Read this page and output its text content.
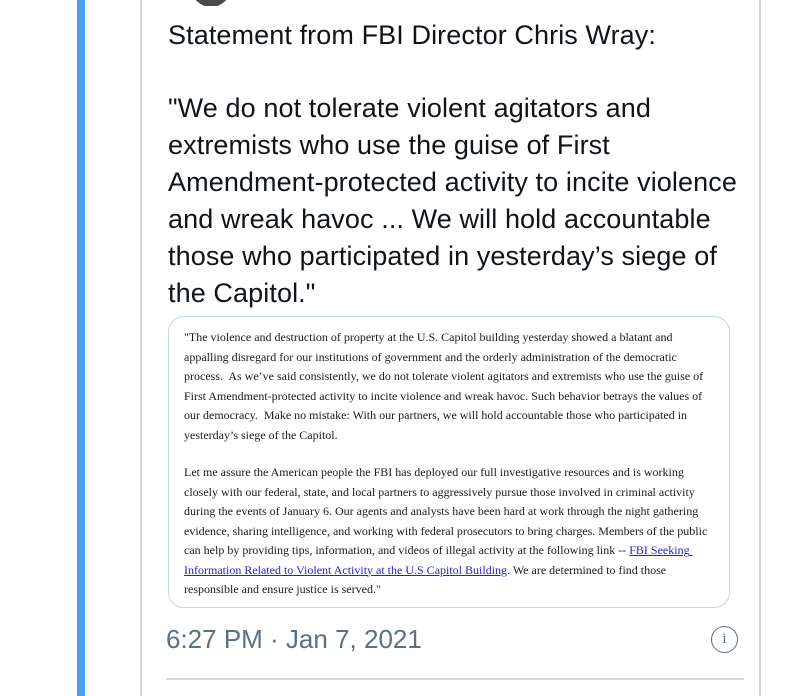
Statement from FBI Director Chris Wray:
"We do not tolerate violent agitators and extremists who use the guise of First Amendment-protected activity to incite violence and wreak havoc ... We will hold accountable those who participated in yesterday’s siege of the Capitol."

"The violence and destruction of property at the U.S. Capitol building yesterday showed a blatant and appalling disregard for our institutions of government and the orderly administration of the democratic process.  As we’ve said consistently, we do not tolerate violent agitators and extremists who use the guise of First Amendment-protected activity to incite violence and wreak havoc. Such behavior betrays the values of our democracy.  Make no mistake: With our partners, we will hold accountable those who participated in yesterday’s siege of the Capitol.

Let me assure the American people the FBI has deployed our full investigative resources and is working closely with our federal, state, and local partners to aggressively pursue those involved in criminal activity during the events of January 6. Our agents and analysts have been hard at work through the night gathering evidence, sharing intelligence, and working with federal prosecutors to bring charges. Members of the public can help by providing tips, information, and videos of illegal activity at the following link -- FBI Seeking Information Related to Violent Activity at the U.S Capitol Building. We are determined to find those responsible and ensure justice is served."

6:27 PM · Jan 7, 2021	i
